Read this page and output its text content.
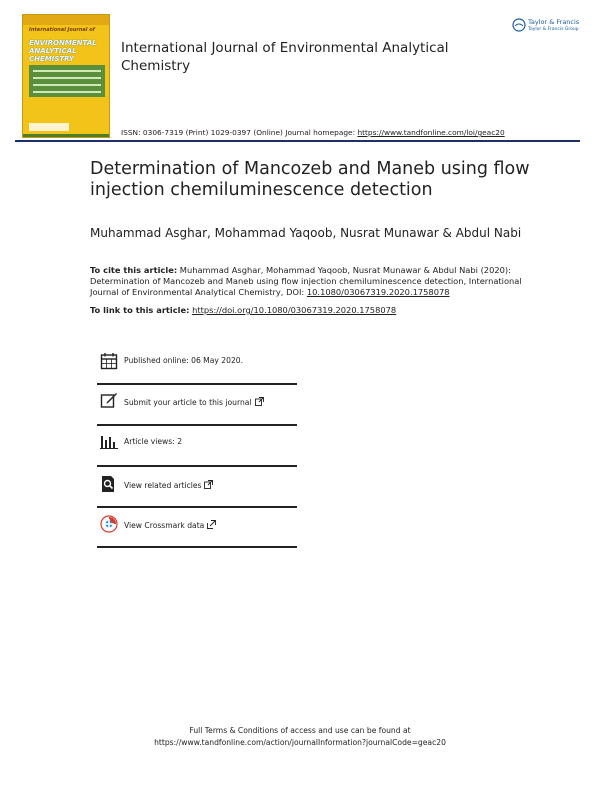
International Journal of
ENVIRONMENTAL ANALYTICAL CHEMISTRY
International Journal of Environmental Analytical Chemistry
Taylor & Francis
Taylor & Francis Group
ISSN: 0306-7319 (Print) 1029-0397 (Online) Journal homepage: https://www.tandfonline.com/loi/geac20
Determination of Mancozeb and Maneb using flow injection chemiluminescence detection
Muhammad Asghar, Mohammad Yaqoob, Nusrat Munawar & Abdul Nabi
To cite this article: Muhammad Asghar, Mohammad Yaqoob, Nusrat Munawar & Abdul Nabi (2020): Determination of Mancozeb and Maneb using flow injection chemiluminescence detection, International Journal of Environmental Analytical Chemistry, DOI: 10.1080/03067319.2020.1758078
To link to this article: https://doi.org/10.1080/03067319.2020.1758078
Published online: 06 May 2020.
Submit your article to this journal
Article views: 2
View related articles
View Crossmark data
Full Terms & Conditions of access and use can be found at
https://www.tandfonline.com/action/journalInformation?journalCode=geac20
